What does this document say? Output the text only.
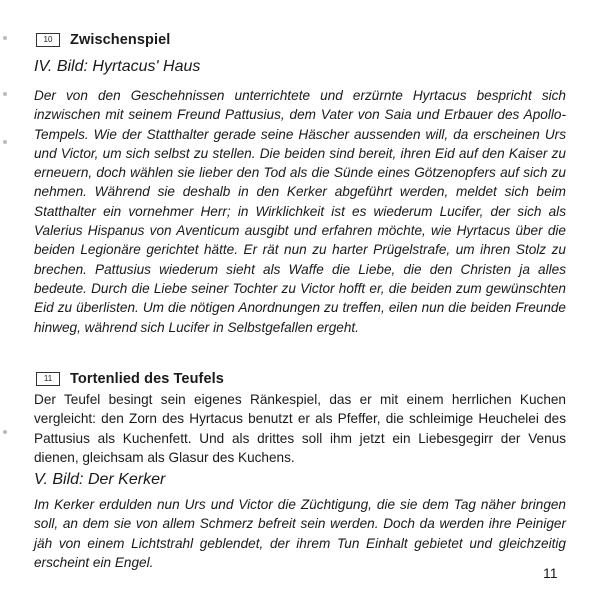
10	Zwischenspiel
IV. Bild: Hyrtacus' Haus
Der von den Geschehnissen unterrichtete und erzürnte Hyrtacus bespricht sich inzwischen mit seinem Freund Pattusius, dem Vater von Saia und Erbauer des Apollo-Tempels. Wie der Statthalter gerade seine Häscher aussenden will, da erscheinen Urs und Victor, um sich selbst zu stellen. Die beiden sind bereit, ihren Eid auf den Kaiser zu erneuern, doch wählen sie lieber den Tod als die Sünde eines Götzenopfers auf sich zu nehmen. Während sie deshalb in den Kerker abgeführt werden, meldet sich beim Statthalter ein vornehmer Herr; in Wirklichkeit ist es wiederum Lucifer, der sich als Valerius Hispanus von Aventicum ausgibt und erfahren möchte, wie Hyrtacus über die beiden Legionäre gerichtet hätte. Er rät nun zu harter Prügelstrafe, um ihren Stolz zu brechen. Pattusius wiederum sieht als Waffe die Liebe, die den Christen ja alles bedeute. Durch die Liebe seiner Tochter zu Victor hofft er, die beiden zum gewünschten Eid zu überlisten. Um die nötigen Anordnungen zu treffen, eilen nun die beiden Freunde hinweg, während sich Lucifer in Selbstgefallen ergeht.
11	Tortenlied des Teufels
Der Teufel besingt sein eigenes Ränkespiel, das er mit einem herrlichen Kuchen vergleicht: den Zorn des Hyrtacus benutzt er als Pfeffer, die schleimige Heuchelei des Pattusius als Kuchenfett. Und als drittes soll ihm jetzt ein Liebesgegirr der Venus dienen, gleichsam als Glasur des Kuchens.
V. Bild: Der Kerker
Im Kerker erdulden nun Urs und Victor die Züchtigung, die sie dem Tag näher bringen soll, an dem sie von allem Schmerz befreit sein werden. Doch da werden ihre Peiniger jäh von einem Lichtstrahl geblendet, der ihrem Tun Einhalt gebietet und gleichzeitig erscheint ein Engel.
11
